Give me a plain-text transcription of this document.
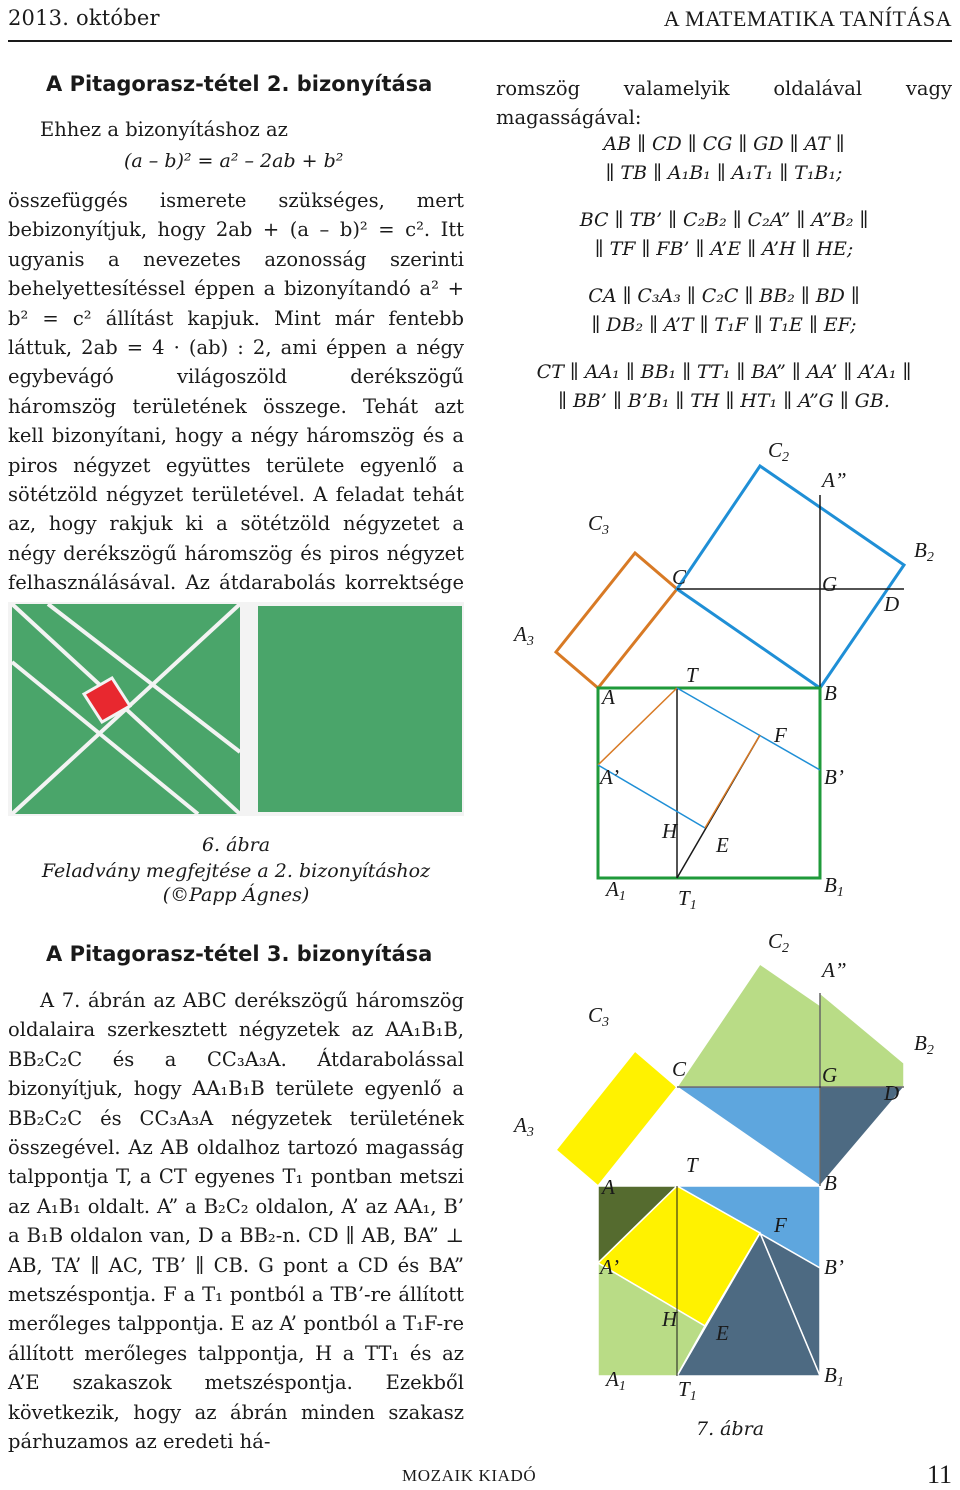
2013. október	A MATEMATIKA TANÍTÁSA
A Pitagorasz-tétel 2. bizonyítása
Ehhez a bizonyításhoz az
(a – b)² = a² – 2ab + b²

összefüggés ismerete szükséges, mert bebizonyítjuk, hogy 2ab + (a – b)² = c². Itt ugyanis a nevezetes azonosság szerinti behelyettesítéssel éppen a bizonyítandó a² + b² = c² állítást kapjuk. Mint már fentebb láttuk, 2ab = 4 · (ab) : 2, ami éppen a négy egybevágó világoszöld derékszögű háromszög területének összege. Tehát azt kell bizonyítani, hogy a négy háromszög és a piros négyzet együttes területe egyenlő a sötétzöld négyzet területével. A feladat tehát az, hogy rakjuk ki a sötétzöld négyzetet a négy derékszögű háromszög és piros négyzet felhasználásával. Az átdarabolás korrektsége

6. ábra
Feladvány megfejtése a 2. bizonyításhoz
(©Papp Ágnes)
A Pitagorasz-tétel 3. bizonyítása

A 7. ábrán az ABC derékszögű háromszög oldalaira szerkesztett négyzetek az AA₁B₁B, BB₂C₂C és a CC₃A₃A. Átdarabolással bizonyítjuk, hogy AA₁B₁B területe egyenlő a BB₂C₂C és CC₃A₃A négyzetek területének összegével. Az AB oldalhoz tartozó magasság talppontja T, a CT egyenes T₁ pontban metszi az A₁B₁ oldalt. A” a B₂C₂ oldalon, A’ az AA₁, B’ a B₁B oldalon van, D a BB₂-n. CD ∥ AB, BA” ⊥ AB, TA’ ∥ AC, TB’ ∥ CB. G pont a CD és BA” metszéspontja. F a T₁ pontból a TB’-re állított merőleges talppontja. E az A’ pontból a T₁F-re állított merőleges talppontja, H a TT₁ és az A’E szakaszok metszéspontja. Ezekből következik, hogy az ábrán minden szakasz párhuzamos az eredeti há-

romszög valamelyik oldalával vagy magasságával:

AB ∥ CD ∥ CG ∥ GD ∥ AT ∥
∥ TB ∥ A₁B₁ ∥ A₁T₁ ∥ T₁B₁;
BC ∥ TB’ ∥ C₂B₂ ∥ C₂A” ∥ A”B₂ ∥
∥ TF ∥ FB’ ∥ A’E ∥ A’H ∥ HE;
CA ∥ C₃A₃ ∥ C₂C ∥ BB₂ ∥ BD ∥
∥ DB₂ ∥ A’T ∥ T₁F ∥ T₁E ∥ EF;
CT ∥ AA₁ ∥ BB₁ ∥ TT₁ ∥ BA” ∥ AA’ ∥ A’A₁ ∥
∥ BB’ ∥ B’B₁ ∥ TH ∥ HT₁ ∥ A”G ∥ GB.
C2
A”
B2
C3
C	G
D
A3
T
A	B
F
A’	B’
H
E
A1 T1
B1
C2
A”
B2
C3
C	G
D
A3
T
A	B
F
A’	B’
H
E
A1 T1
B1
7. ábra
MOZAIK KIADÓ	11
